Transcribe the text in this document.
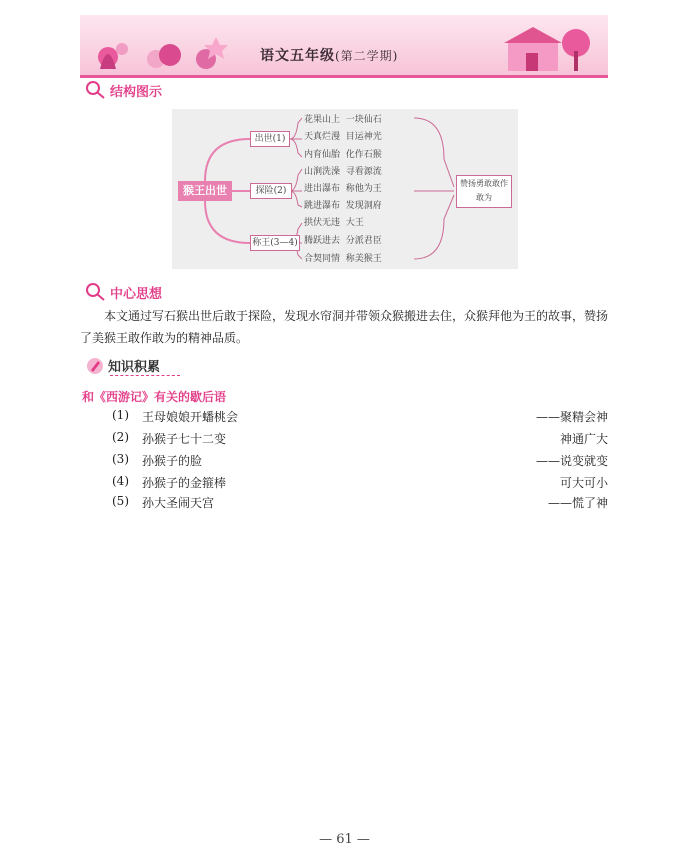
语文五年级(第二学期)
结构图示
猴王出世
出世(1)
探险(2)
称王(3—4)
花果山上 一块仙石
天真烂漫 目运神光
内育仙胎 化作石猴
山涧洗澡 寻看源流
进出瀑布 称他为王
跳进瀑布 发现洞府
拱伏无违 大王
腾跃进去 分派君臣
合契同情 称美猴王
赞扬勇敢敢作敢为
中心思想

本文通过写石猴出世后敢于探险，发现水帘洞并带领众猴搬进去住，众猴拜他为王的故事，赞扬了美猴王敢作敢为的精神品质。

知识积累
和《西游记》有关的歇后语
(1) 王母娘娘开蟠桃会	——聚精会神
(2) 孙猴子七十二变	神通广大
(3) 孙猴子的脸	——说变就变
(4) 孙猴子的金箍棒	可大可小
(5) 孙大圣闹天宫	——慌了神
— 61 —
